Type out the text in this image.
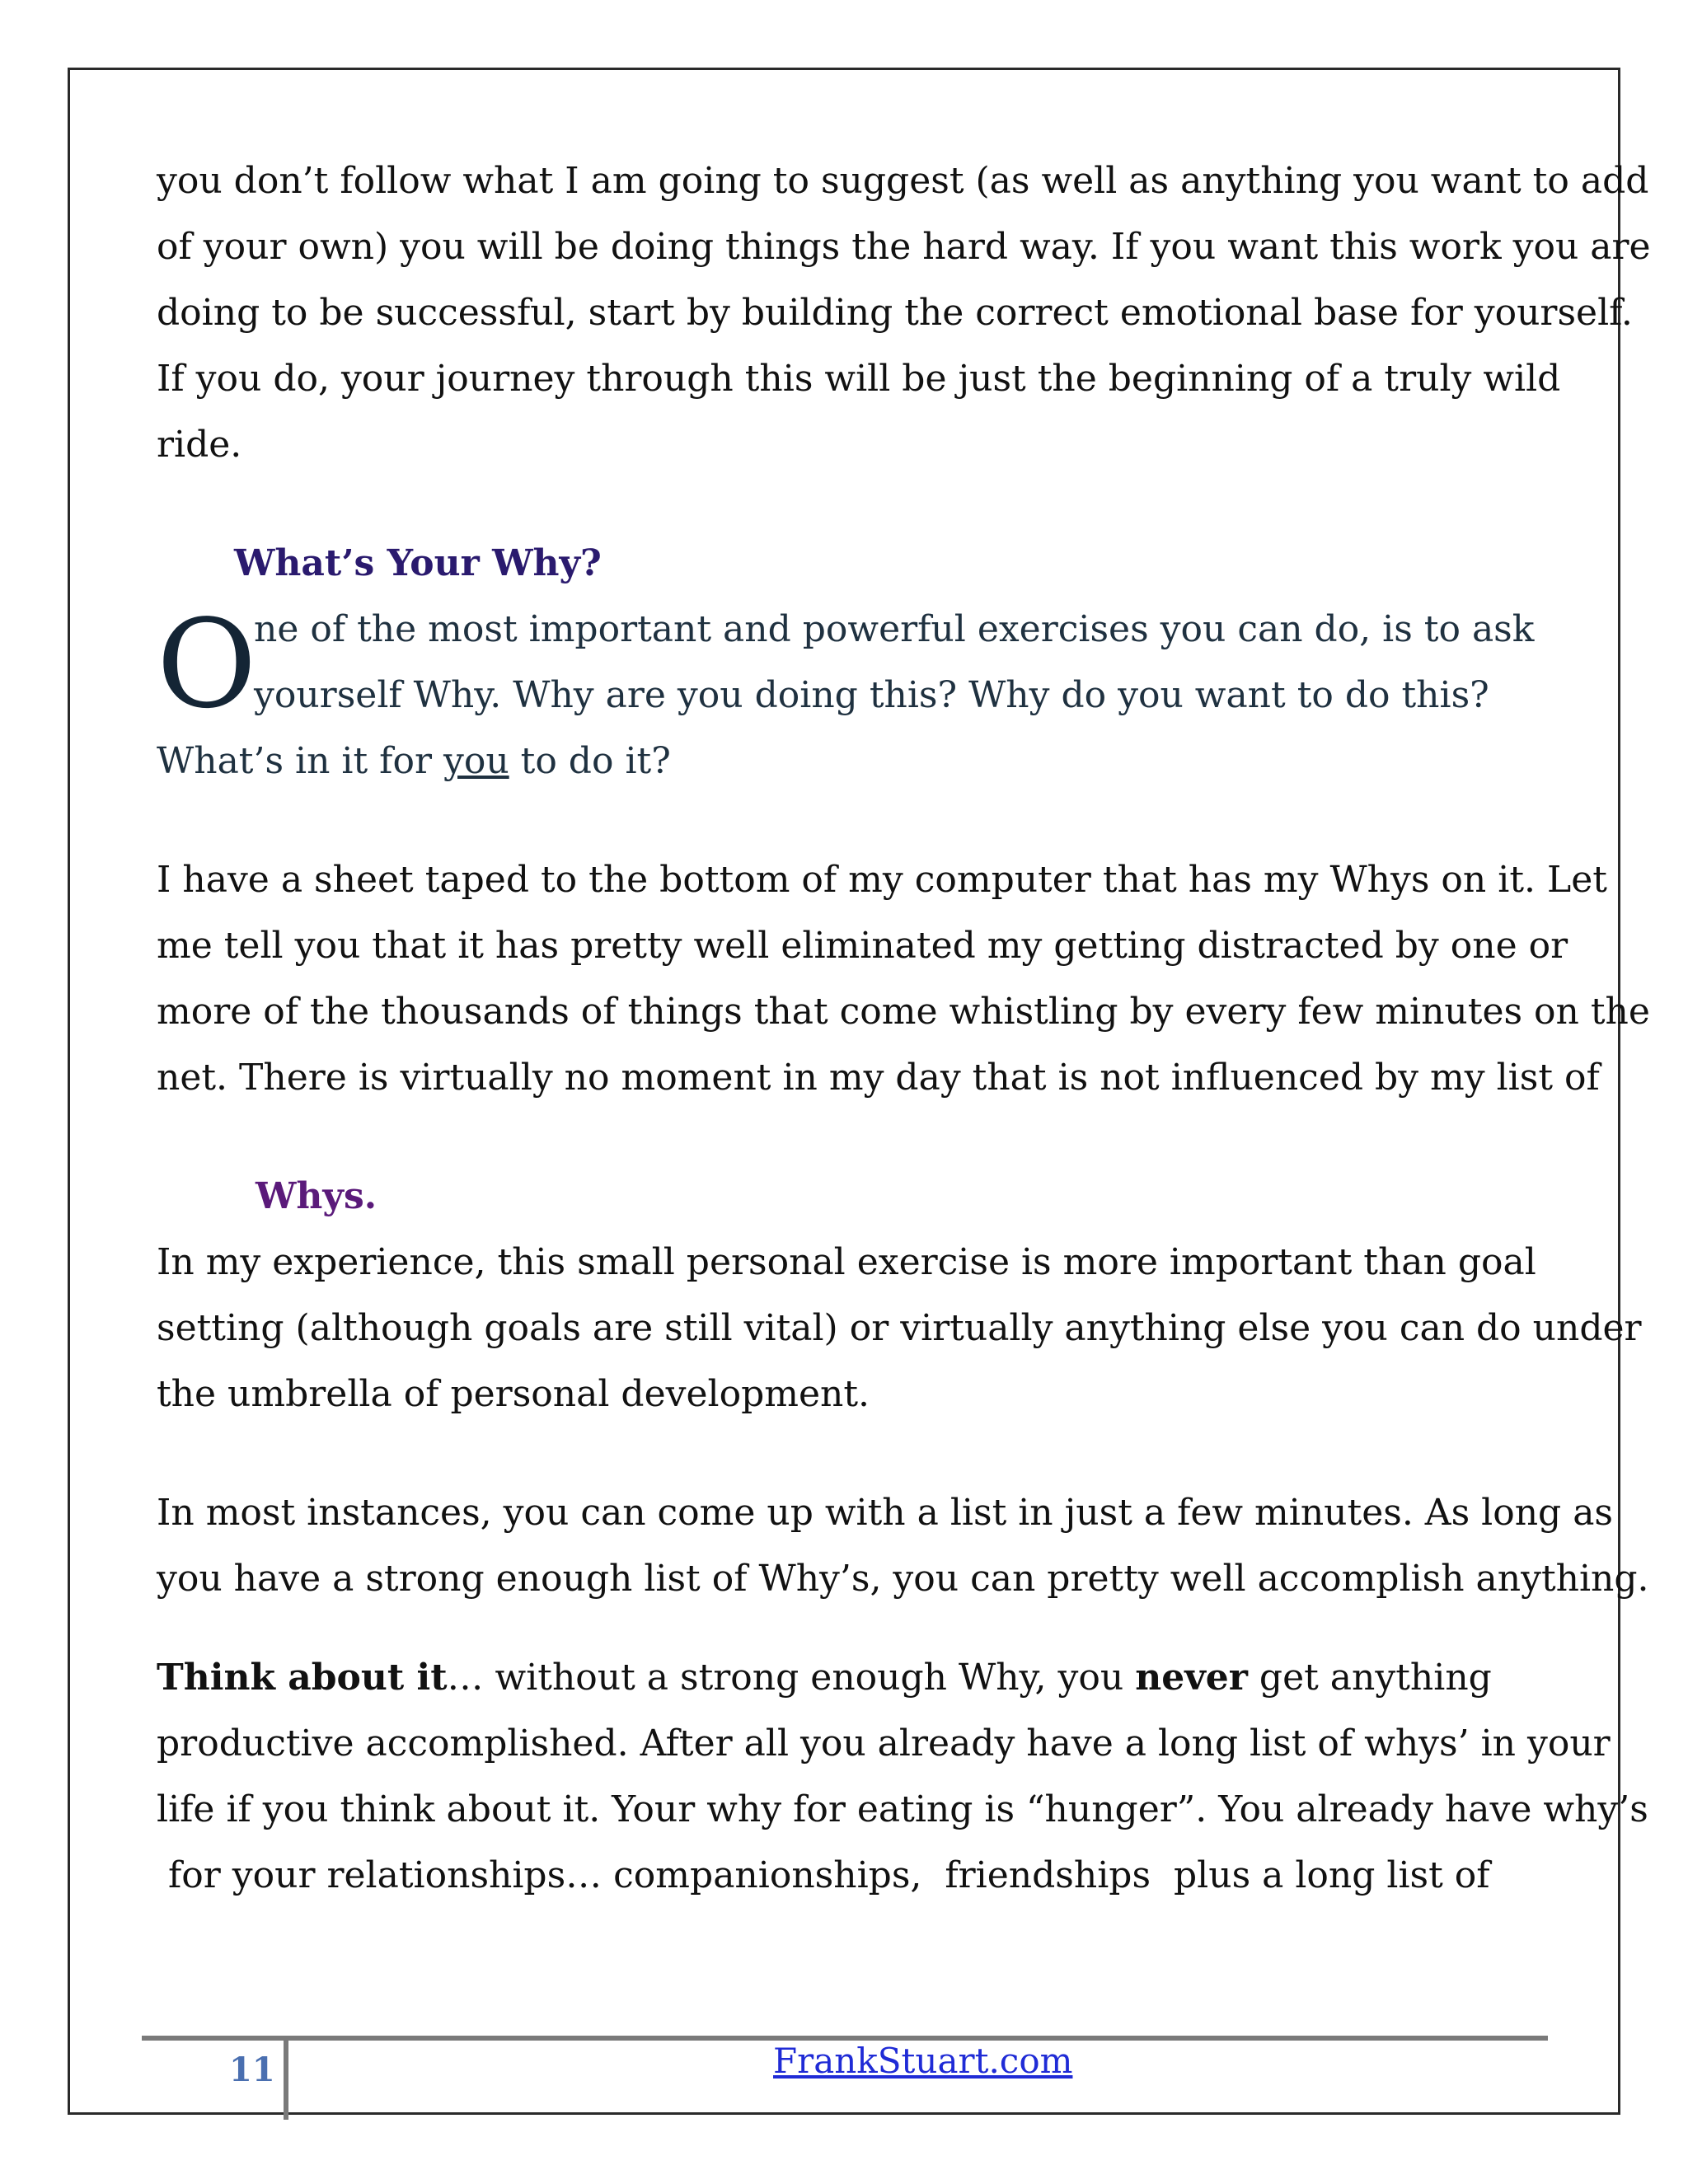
you don’t follow what I am going to suggest (as well as anything you want to add
of your own) you will be doing things the hard way. If you want this work you are
doing to be successful, start by building the correct emotional base for yourself.
If you do, your journey through this will be just the beginning of a truly wild
ride.
What’s Your Why?
O
ne of the most important and powerful exercises you can do, is to ask
yourself Why. Why are you doing this? Why do you want to do this?
What’s in it for you to do it?
I have a sheet taped to the bottom of my computer that has my Whys on it. Let
me tell you that it has pretty well eliminated my getting distracted by one or
more of the thousands of things that come whistling by every few minutes on the
net. There is virtually no moment in my day that is not influenced by my list of
Whys.
In my experience, this small personal exercise is more important than goal
setting (although goals are still vital) or virtually anything else you can do under
the umbrella of personal development.
In most instances, you can come up with a list in just a few minutes. As long as
you have a strong enough list of Why’s, you can pretty well accomplish anything.
Think about it… without a strong enough Why, you never get anything
productive accomplished. After all you already have a long list of whys’ in your
life if you think about it. Your why for eating is “hunger”. You already have why’s
for your relationships… companionships,  friendships  plus a long list of
11	FrankStuart.com
